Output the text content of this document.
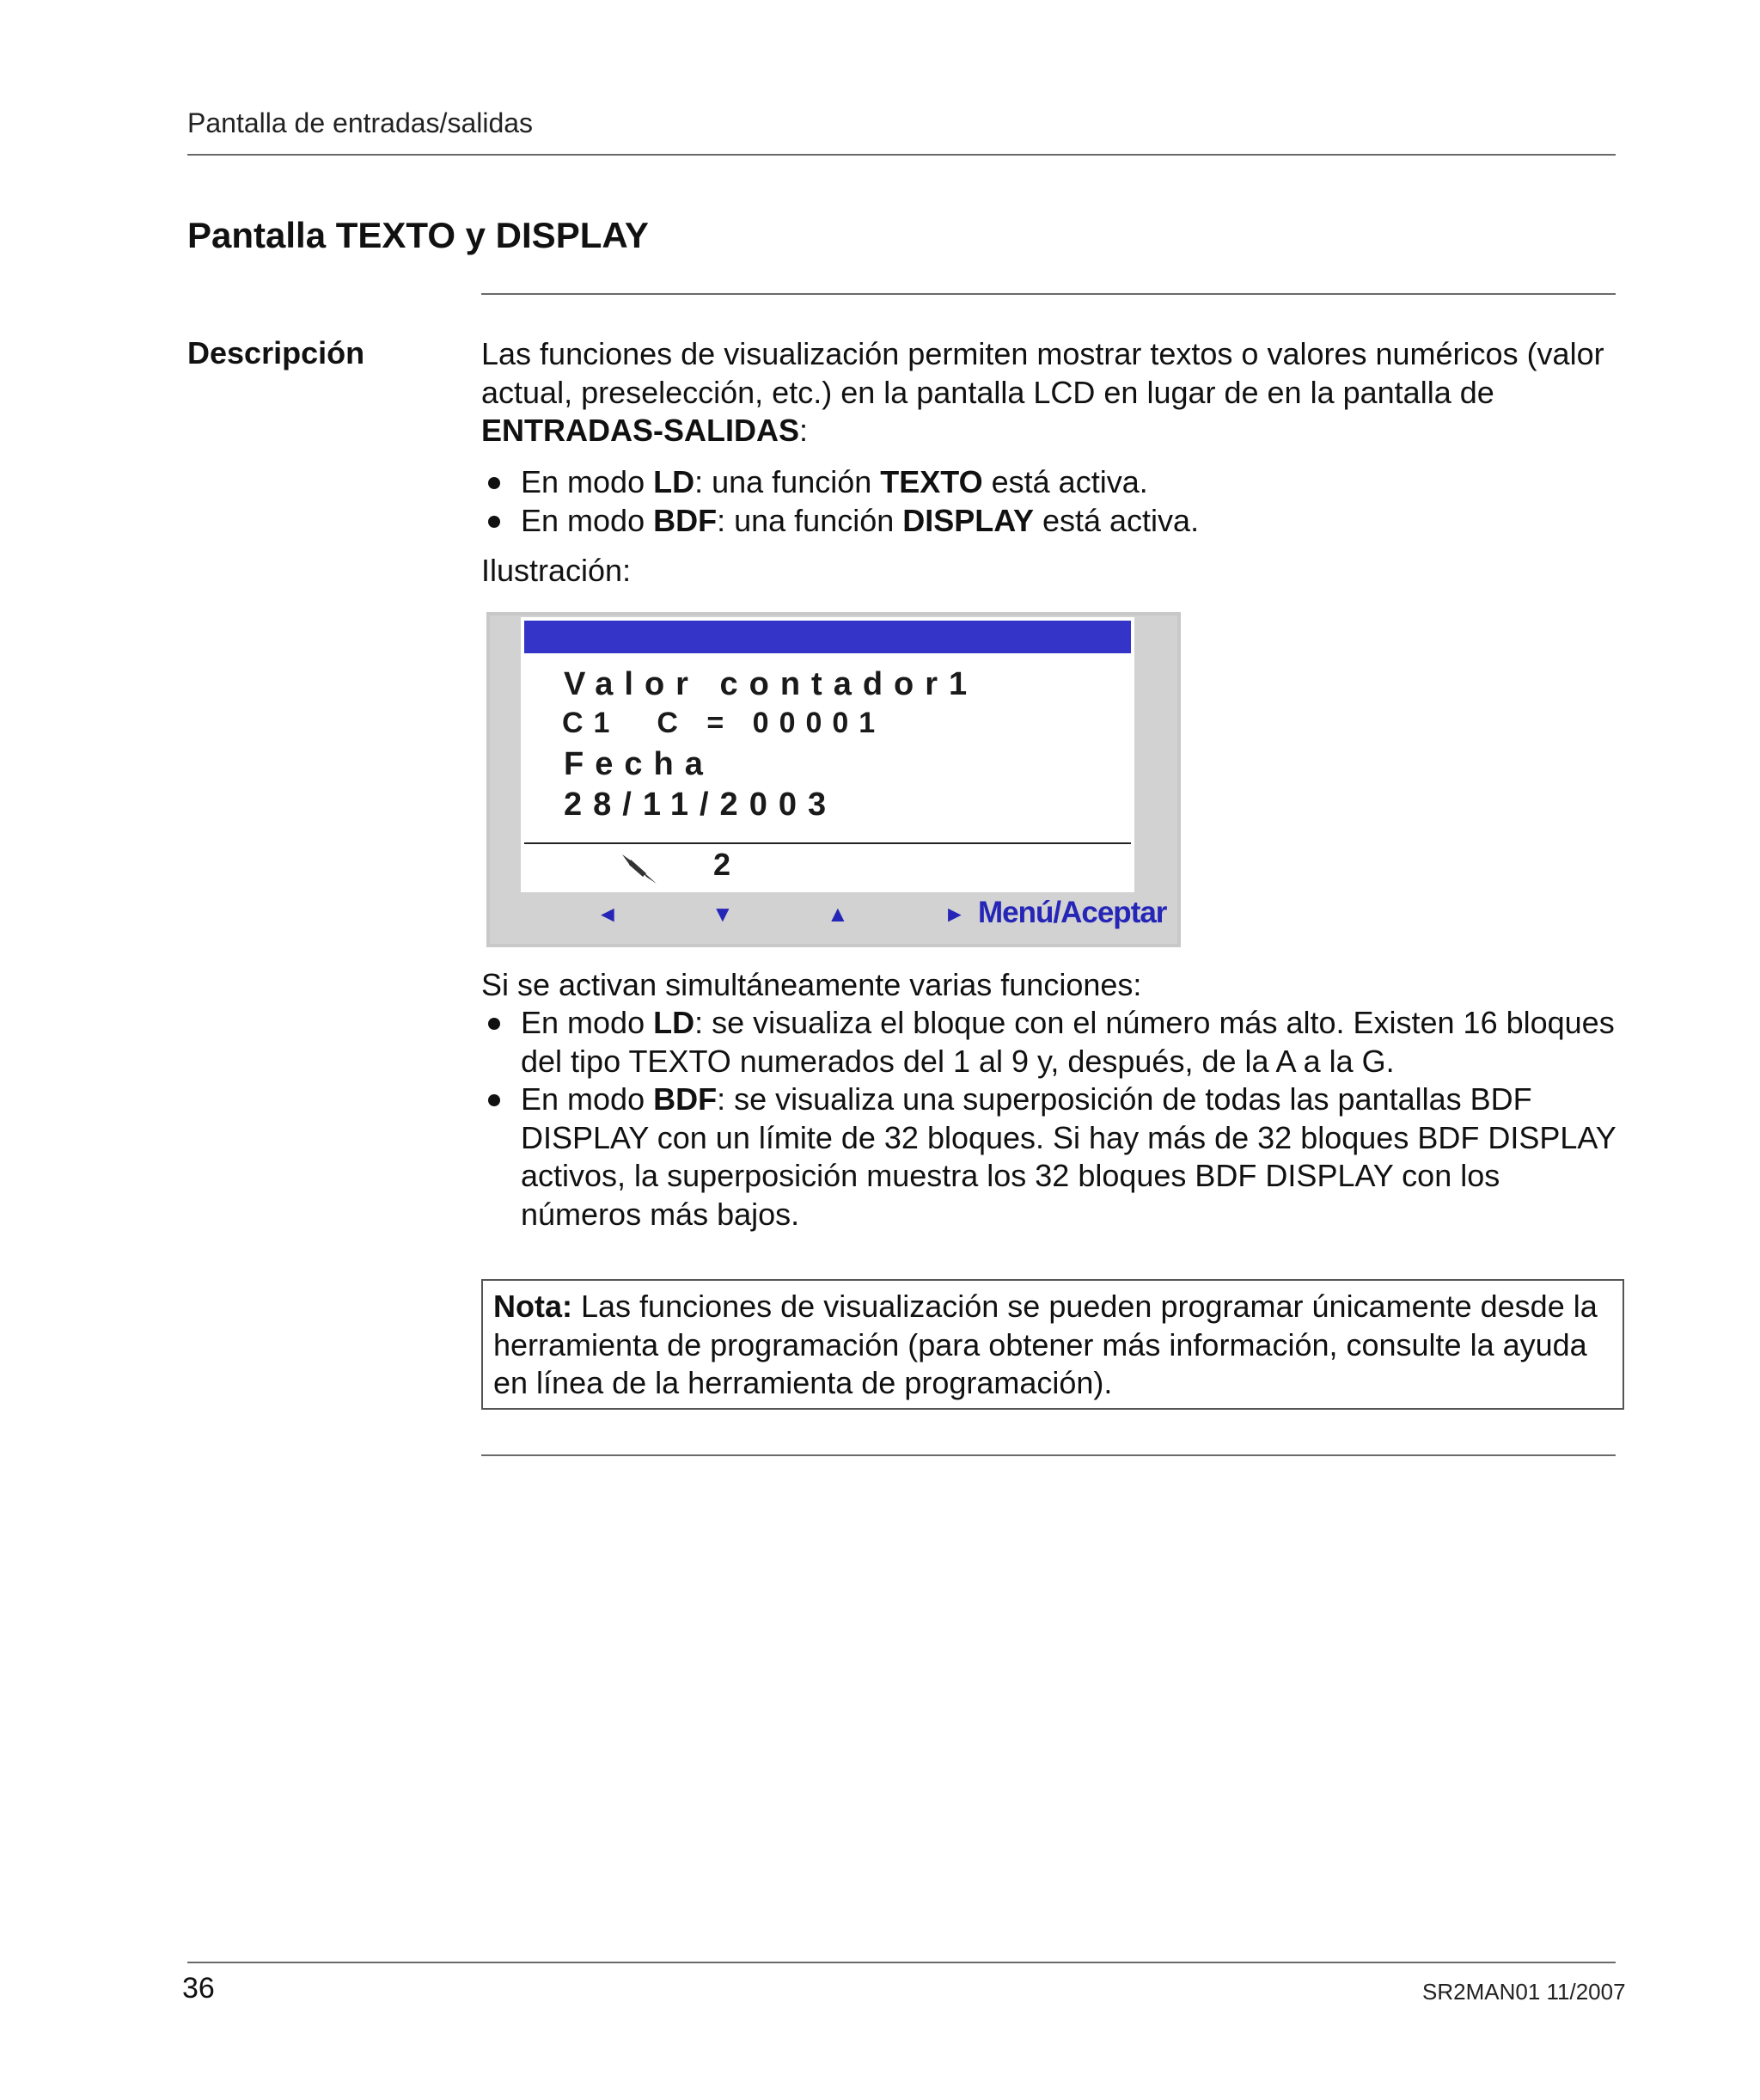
Pantalla de entradas/salidas
Pantalla TEXTO y DISPLAY
Descripción	Las funciones de visualización permiten mostrar textos o valores numéricos (valor actual, preselección, etc.) en la pantalla LCD en lugar de en la pantalla de ENTRADAS-SALIDAS:
En modo LD: una función TEXTO está activa.
En modo BDF: una función DISPLAY está activa.
Ilustración:
Valor contador1
C1  C = 00001
Fecha
28/11/2003
2
◄	▼	▲	► Menú/Aceptar
Si se activan simultáneamente varias funciones:
En modo LD: se visualiza el bloque con el número más alto. Existen 16 bloques del tipo TEXTO numerados del 1 al 9 y, después, de la A a la G.
En modo BDF: se visualiza una superposición de todas las pantallas BDF DISPLAY con un límite de 32 bloques. Si hay más de 32 bloques BDF DISPLAY activos, la superposición muestra los 32 bloques BDF DISPLAY con los números más bajos.
Nota: Las funciones de visualización se pueden programar únicamente desde la herramienta de programación (para obtener más información, consulte la ayuda en línea de la herramienta de programación).
36	SR2MAN01 11/2007
